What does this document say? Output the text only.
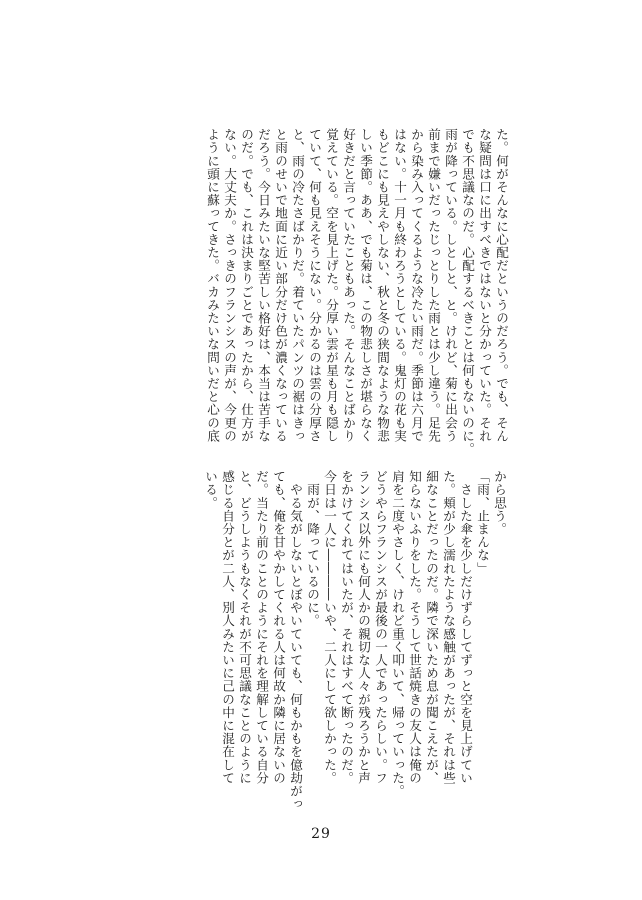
た。何がそんなに心配だというのだろう。でも、そん
な疑問は口に出すべきではないと分かっていた。それ
でも不思議なのだ。心配するべきことは何もないのに。
雨が降っている。しとしと、と。けれど、菊に出会う
前まで嫌いだったじっとりした雨とは少し違う。足先
から染み入ってくるような冷たい雨だ。季節は六月で
はない。十一月も終わろうとしている。鬼灯の花も実
もどこにも見えやしない、秋と冬の狭間なような物悲
しい季節。ああ、でも菊は、この物悲しさが堪らなく
好きだと言っていたこともあった。そんなことばかり
覚えている。空を見上げた。分厚い雲が星も月も隠し
ていて、何も見えそうにない。分かるのは雲の分厚さ
と、雨の冷たさばかりだ。着ていたパンツの裾はきっ
と雨のせいで地面に近い部分だけ色が濃くなっている
だろう。今日みたいな堅苦しい格好は、本当は苦手な
のだ。でも、これは決まりごとであったから、仕方が
ない。大丈夫か。さっきのフランシスの声が、今更の
ように頭に蘇ってきた。バカみたいな問いだと心の底
から思う。
「雨、止まんな」
　さした傘を少しだけずらしてずっと空を見上げてい
た。頬が少し濡れたような感触があったが、それは些
細なことだったのだ。隣で深いため息が聞こえたが、
知らないふりをした。そうして世話焼きの友人は俺の
肩を二度やさしく、けれど重く叩いて、帰っていった。
どうやらフランシスが最後の一人であったらしい。フ
ランシス以外にも何人かの親切な人々が残ろうかと声
をかけてくれてはいたが、それはすべて断ったのだ。
今日は一人に――――いや、二人にして欲しかった。
　雨が、降っているのに。
　やる気がしないとぼやいていても、何もかもを億劫がっ
ても、俺を甘やかしてくれる人は何故か隣に居ないの
だ。当たり前のことのようにそれを理解している自分
と、どうしようもなくそれが不可思議なことのように
感じる自分とが二人、別人みたいに己の中に混在して
いる。
29
